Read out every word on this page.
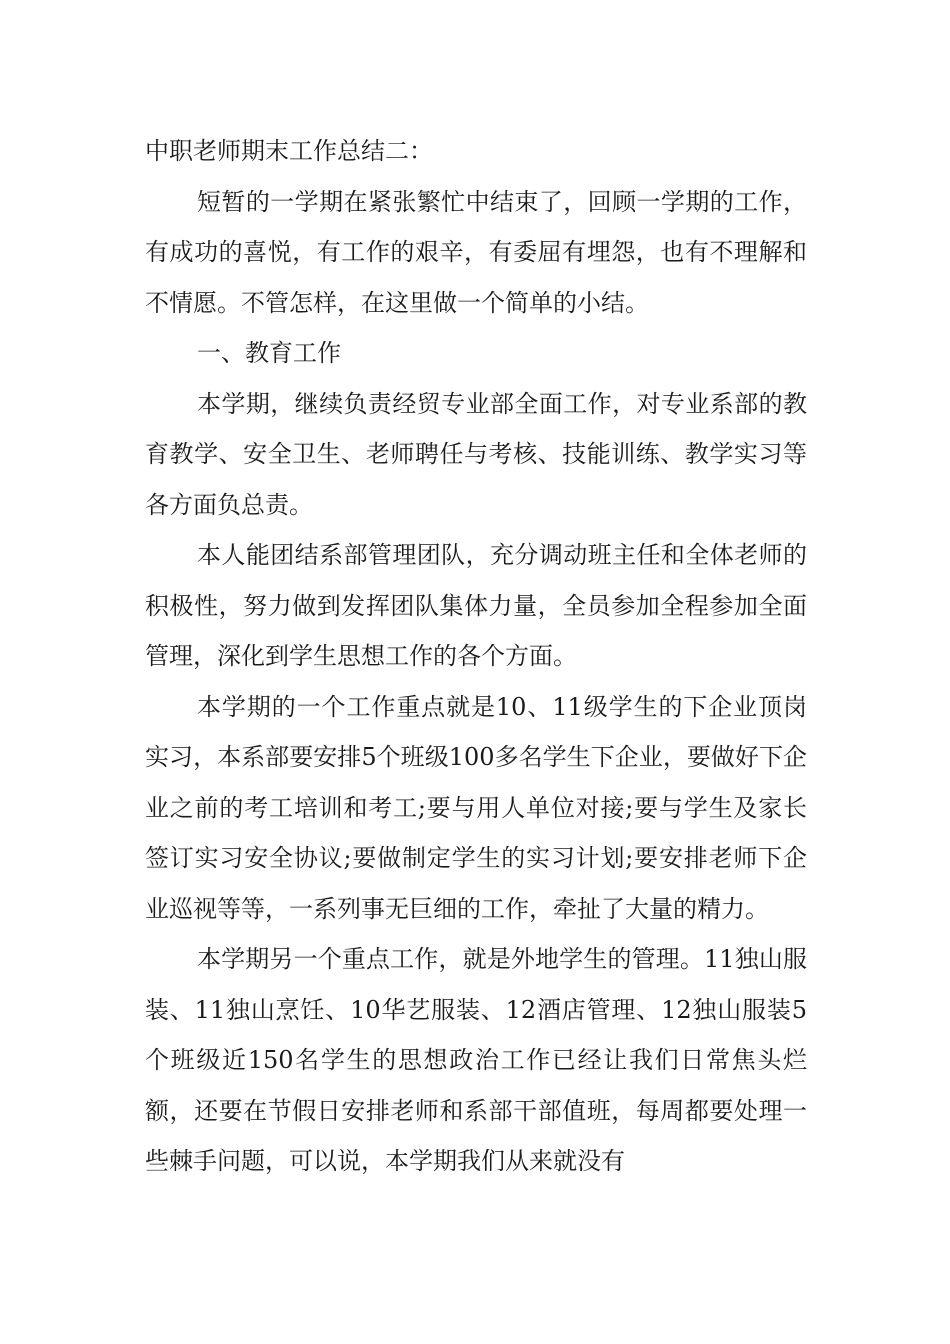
中职老师期末工作总结二：

短暂的一学期在紧张繁忙中结束了，回顾一学期的工作，有成功的喜悦，有工作的艰辛，有委屈有埋怨，也有不理解和不情愿。不管怎样，在这里做一个简单的小结。

一、教育工作

本学期，继续负责经贸专业部全面工作，对专业系部的教育教学、安全卫生、老师聘任与考核、技能训练、教学实习等各方面负总责。

本人能团结系部管理团队，充分调动班主任和全体老师的积极性，努力做到发挥团队集体力量，全员参加全程参加全面管理，深化到学生思想工作的各个方面。

本学期的一个工作重点就是10、11级学生的下企业顶岗实习，本系部要安排5个班级100多名学生下企业，要做好下企业之前的考工培训和考工;要与用人单位对接;要与学生及家长签订实习安全协议;要做制定学生的实习计划;要安排老师下企业巡视等等，一系列事无巨细的工作，牵扯了大量的精力。

本学期另一个重点工作，就是外地学生的管理。11独山服装、11独山烹饪、10华艺服装、12酒店管理、12独山服装5个班级近150名学生的思想政治工作已经让我们日常焦头烂额，还要在节假日安排老师和系部干部值班，每周都要处理一些棘手问题，可以说，本学期我们从来就没有
